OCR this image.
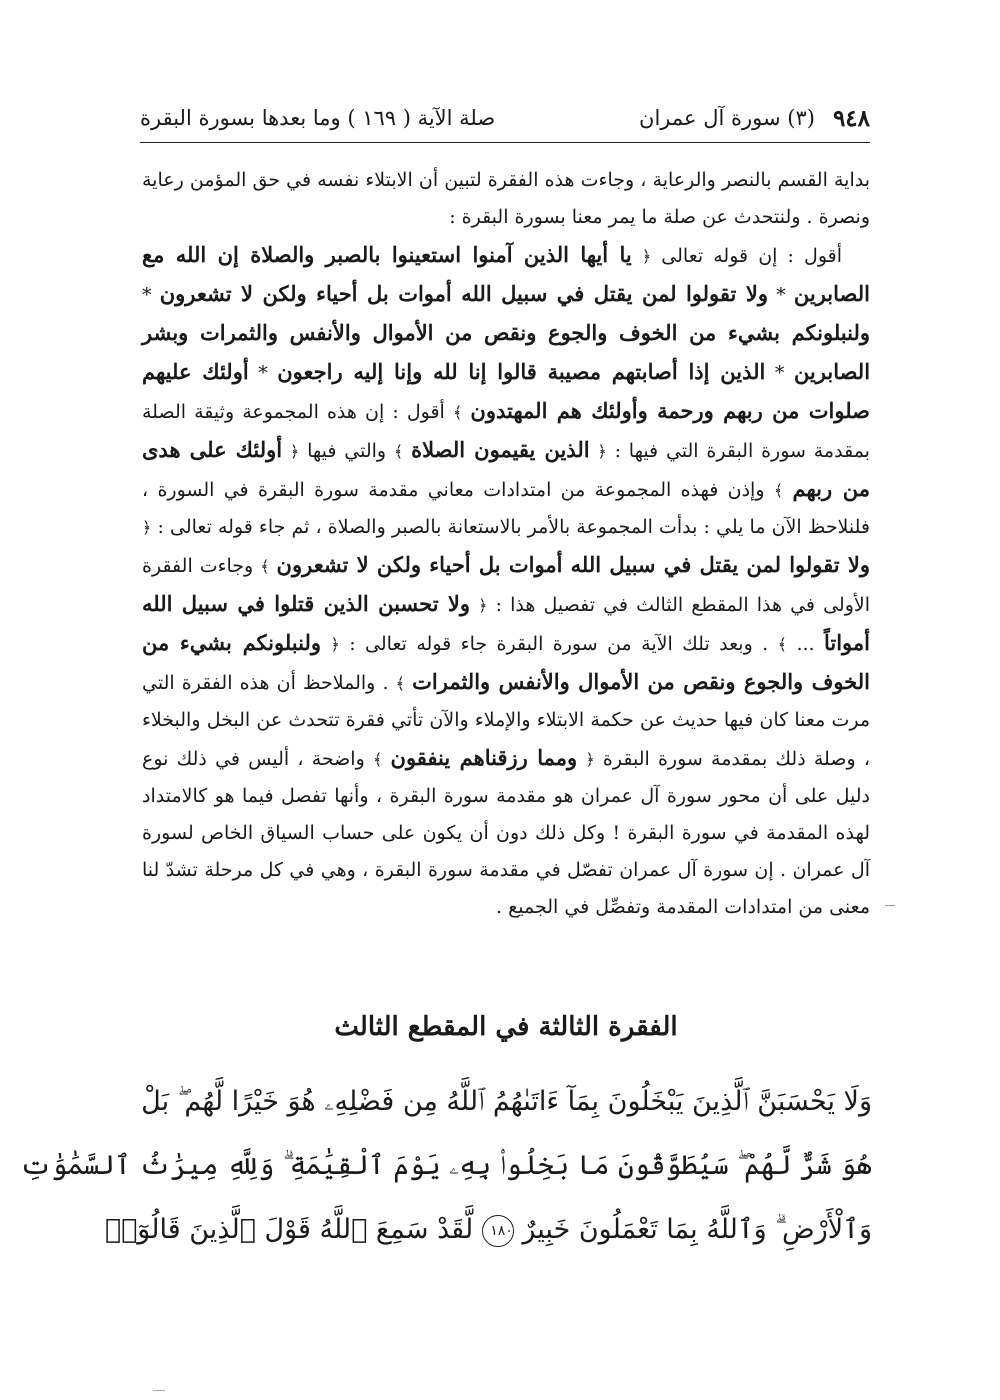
٩٤٨
(٣) سورة آل عمران
صلة الآية ( ١٦٩ ) وما بعدها بسورة البقرة

بداية القسم بالنصر والرعاية ، وجاءت هذه الفقرة لتبين أن الابتلاء نفسه في حق المؤمن رعاية ونصرة . ولنتحدث عن صلة ما يمر معنا بسورة البقرة :

أقول : إن قوله تعالى ﴿ يا أيها الذين آمنوا استعينوا بالصبر والصلاة إن الله مع الصابرين * ولا تقولوا لمن يقتل في سبيل الله أموات بل أحياء ولكن لا تشعرون * ولنبلونكم بشيء من الخوف والجوع ونقص من الأموال والأنفس والثمرات وبشر الصابرين * الذين إذا أصابتهم مصيبة قالوا إنا لله وإنا إليه راجعون * أولئك عليهم صلوات من ربهم ورحمة وأولئك هم المهتدون ﴾ أقول : إن هذه المجموعة وثيقة الصلة بمقدمة سورة البقرة التي فيها : ﴿ الذين يقيمون الصلاة ﴾ والتي فيها ﴿ أولئك على هدى من ربهم ﴾ وإذن فهذه المجموعة من امتدادات معاني مقدمة سورة البقرة في السورة ، فلنلاحظ الآن ما يلي : بدأت المجموعة بالأمر بالاستعانة بالصبر والصلاة ، ثم جاء قوله تعالى : ﴿ ولا تقولوا لمن يقتل في سبيل الله أموات بل أحياء ولكن لا تشعرون ﴾ وجاءت الفقرة الأولى في هذا المقطع الثالث في تفصيل هذا : ﴿ ولا تحسبن الذين قتلوا في سبيل الله أمواتاً ... ﴾ . وبعد تلك الآية من سورة البقرة جاء قوله تعالى : ﴿ ولنبلونكم بشيء من الخوف والجوع ونقص من الأموال والأنفس والثمرات ﴾ . والملاحظ أن هذه الفقرة التي مرت معنا كان فيها حديث عن حكمة الابتلاء والإملاء والآن تأتي فقرة تتحدث عن البخل والبخلاء ، وصلة ذلك بمقدمة سورة البقرة ﴿ ومما رزقناهم ينفقون ﴾ واضحة ، أليس في ذلك نوع دليل على أن محور سورة آل عمران هو مقدمة سورة البقرة ، وأنها تفصل فيما هو كالامتداد لهذه المقدمة في سورة البقرة ! وكل ذلك دون أن يكون على حساب السياق الخاص لسورة آل عمران . إن سورة آل عمران تفصّل في مقدمة سورة البقرة ، وهي في كل مرحلة تشدّ لنا معنى من امتدادات المقدمة وتفصِّل في الجميع .

الفقرة الثالثة في المقطع الثالث
وَلَا يَحْسَبَنَّ ٱلَّذِينَ يَبْخَلُونَ بِمَآ ءَاتَىٰهُمُ ٱللَّهُ مِن فَضْلِهِۦ هُوَ خَيْرًا لَّهُم ۖ بَلْ
هُوَ شَرٌّ لَّهُمْ ۖ سَيُطَوَّقُونَ مَا بَخِلُوا۟ بِهِۦ يَوْمَ ٱلْقِيَٰمَةِ ۗ وَلِلَّهِ مِيرَٰثُ ٱلسَّمَٰوَٰتِ
وَٱلْأَرْضِ ۗ وَٱللَّهُ بِمَا تَعْمَلُونَ خَبِيرٌ ١٨٠ لَّقَدْ سَمِعَ ٱللَّهُ قَوْلَ ٱلَّذِينَ قَالُوٓا۟
